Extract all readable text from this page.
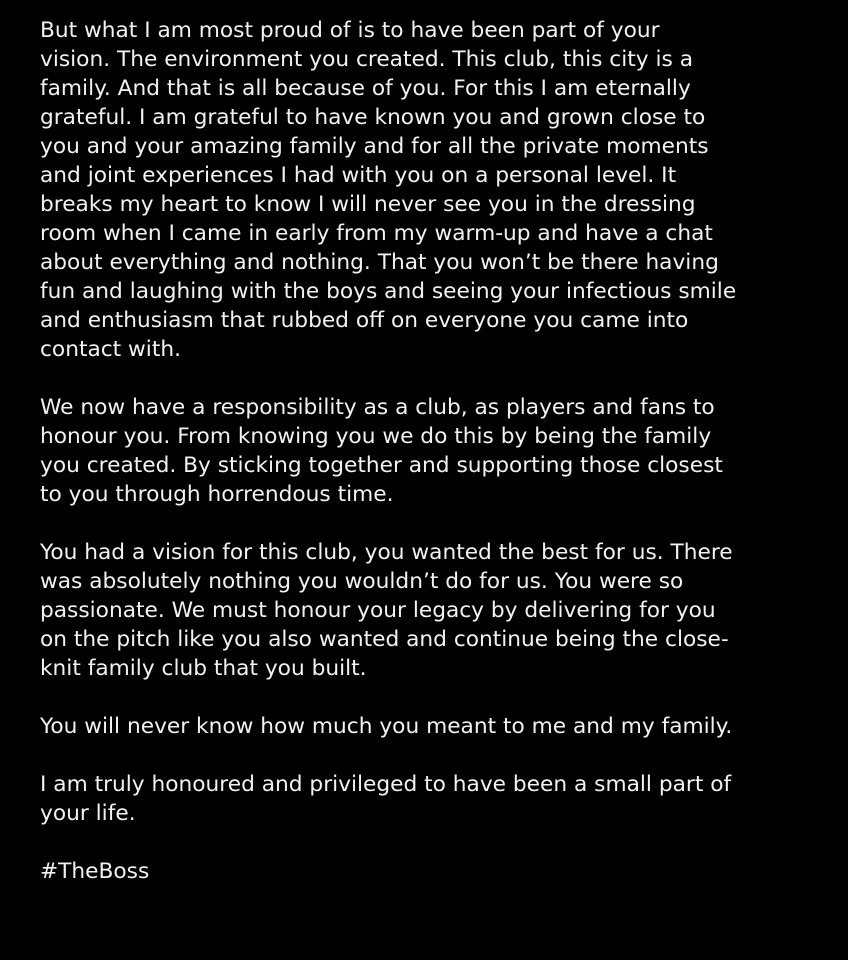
But what I am most proud of is to have been part of your
vision. The environment you created. This club, this city is a
family. And that is all because of you. For this I am eternally
grateful. I am grateful to have known you and grown close to
you and your amazing family and for all the private moments
and joint experiences I had with you on a personal level. It
breaks my heart to know I will never see you in the dressing
room when I came in early from my warm-up and have a chat
about everything and nothing. That you won’t be there having
fun and laughing with the boys and seeing your infectious smile
and enthusiasm that rubbed off on everyone you came into
contact with.

We now have a responsibility as a club, as players and fans to
honour you. From knowing you we do this by being the family
you created. By sticking together and supporting those closest
to you through horrendous time.

You had a vision for this club, you wanted the best for us. There
was absolutely nothing you wouldn’t do for us. You were so
passionate. We must honour your legacy by delivering for you
on the pitch like you also wanted and continue being the close-
knit family club that you built.

You will never know how much you meant to me and my family.

I am truly honoured and privileged to have been a small part of
your life.

#TheBoss
